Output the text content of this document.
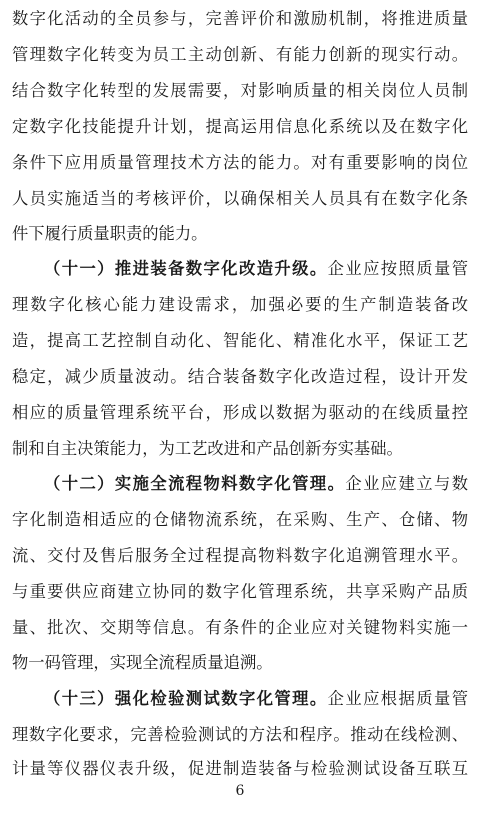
数字化活动的全员参与，完善评价和激励机制，将推进质量
管理数字化转变为员工主动创新、有能力创新的现实行动。
结合数字化转型的发展需要，对影响质量的相关岗位人员制
定数字化技能提升计划，提高运用信息化系统以及在数字化
条件下应用质量管理技术方法的能力。对有重要影响的岗位
人员实施适当的考核评价，以确保相关人员具有在数字化条
件下履行质量职责的能力。
（十一）推进装备数字化改造升级。企业应按照质量管
理数字化核心能力建设需求，加强必要的生产制造装备改
造，提高工艺控制自动化、智能化、精准化水平，保证工艺
稳定，减少质量波动。结合装备数字化改造过程，设计开发
相应的质量管理系统平台，形成以数据为驱动的在线质量控
制和自主决策能力，为工艺改进和产品创新夯实基础。
（十二）实施全流程物料数字化管理。企业应建立与数
字化制造相适应的仓储物流系统，在采购、生产、仓储、物
流、交付及售后服务全过程提高物料数字化追溯管理水平。
与重要供应商建立协同的数字化管理系统，共享采购产品质
量、批次、交期等信息。有条件的企业应对关键物料实施一
物一码管理，实现全流程质量追溯。
（十三）强化检验测试数字化管理。企业应根据质量管
理数字化要求，完善检验测试的方法和程序。推动在线检测、
计量等仪器仪表升级，促进制造装备与检验测试设备互联互
6
